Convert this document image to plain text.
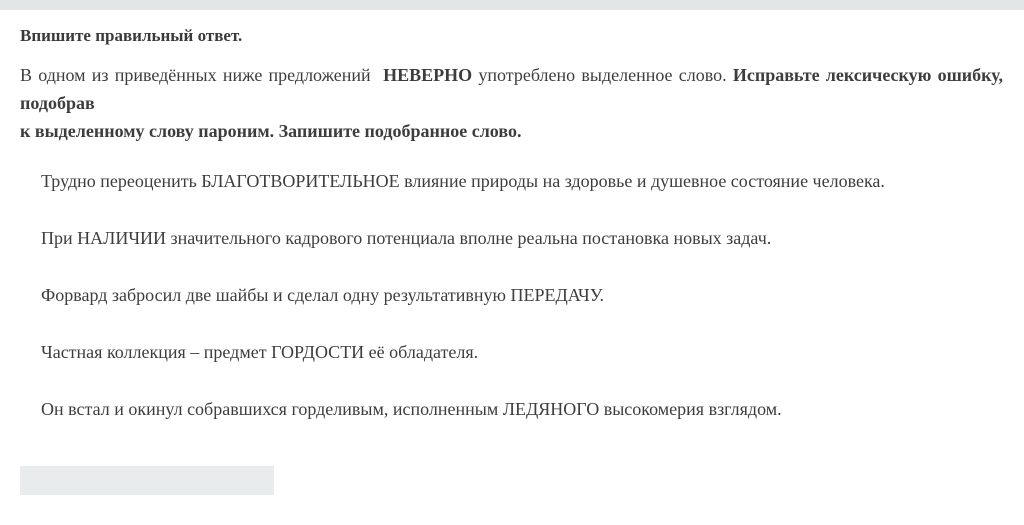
Впишите правильный ответ.
В одном из приведённых ниже предложений  НЕВЕРНО употреблено выделенное слово. Исправьте лексическую ошибку,
подобрав
к выделенному слову пароним. Запишите подобранное слово.
Трудно переоценить БЛАГОТВОРИТЕЛЬНОЕ влияние природы на здоровье и душевное состояние человека.
При НАЛИЧИИ значительного кадрового потенциала вполне реальна постановка новых задач.
Форвард забросил две шайбы и сделал одну результативную ПЕРЕДАЧУ.
Частная коллекция – предмет ГОРДОСТИ её обладателя.
Он встал и окинул собравшихся горделивым, исполненным ЛЕДЯНОГО высокомерия взглядом.
